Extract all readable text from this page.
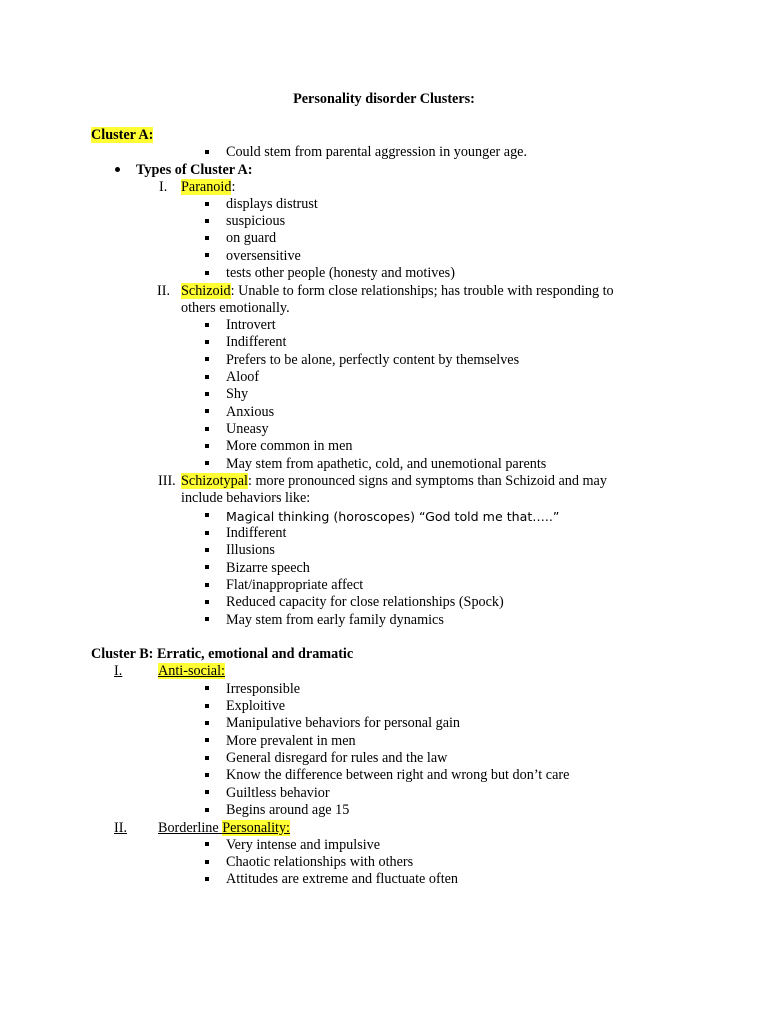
Personality disorder Clusters:
Cluster A:
Could stem from parental aggression in younger age.
Types of Cluster A:
I. Paranoid:
displays distrust
suspicious
on guard
oversensitive
tests other people (honesty and motives)
II. Schizoid: Unable to form close relationships; has trouble with responding to
others emotionally.
Introvert
Indifferent
Prefers to be alone, perfectly content by themselves
Aloof
Shy
Anxious
Uneasy
More common in men
May stem from apathetic, cold, and unemotional parents
III. Schizotypal: more pronounced signs and symptoms than Schizoid and may
include behaviors like:
Magical thinking (horoscopes) “God told me that…..”
Indifferent
Illusions
Bizarre speech
Flat/inappropriate affect
Reduced capacity for close relationships (Spock)
May stem from early family dynamics
Cluster B: Erratic, emotional and dramatic
I.	Anti-social:
Irresponsible
Exploitive
Manipulative behaviors for personal gain
More prevalent in men
General disregard for rules and the law
Know the difference between right and wrong but don’t care
Guiltless behavior
Begins around age 15
II.	Borderline Personality:
Very intense and impulsive
Chaotic relationships with others
Attitudes are extreme and fluctuate often
